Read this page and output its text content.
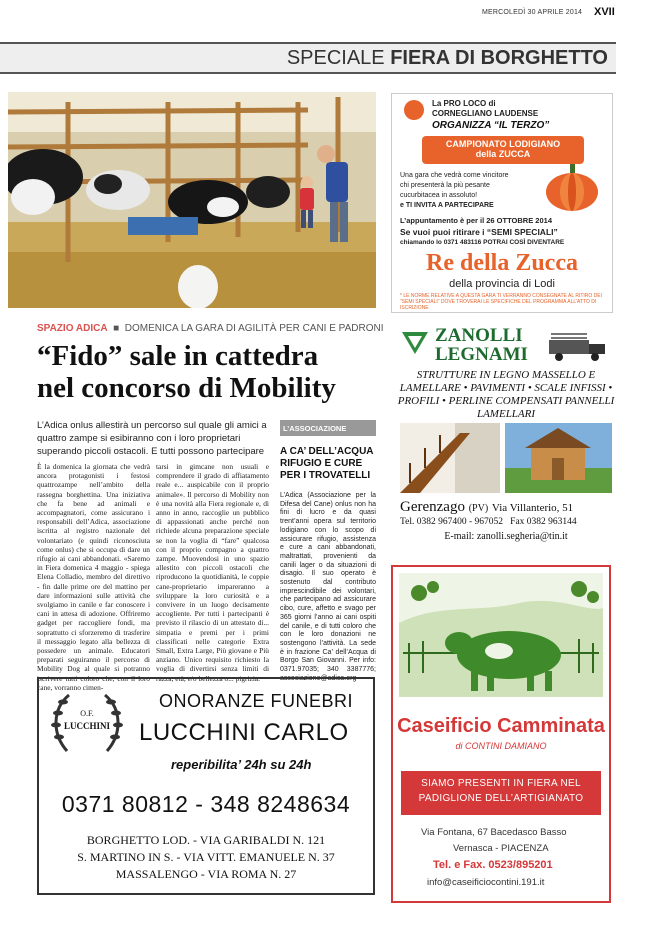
MERCOLEDÌ 30 APRILE 2014 XVII
SPECIALE FIERA DI BORGHETTO
SPAZIO ADICA  ■  DOMENICA LA GARA DI AGILITÀ PER CANI E PADRONI
“Fido” sale in cattedra
nel concorso di Mobility
L’Adica onlus allestirà un percorso sul quale gli amici a quattro zampe si esibiranno con i loro proprietari superando piccoli ostacoli. E tutti possono partecipare
È la domenica la giornata che vedrà ancora protagonisti i festosi quattrozampe nell’ambito della rassegna borghettina. Una iniziativa che fa bene ad animali e accompagnatori, come assicurano i responsabili dell’Adica, associazione iscritta al registro nazionale del volontariato (e quindi riconosciuta come onlus) che si occupa di dare un rifugio ai cani abbandonati. «Saremo in Fiera domenica 4 maggio - spiega Elena Colladio, membro del direttivo - fin dalle prime ore del mattino per dare informazioni sulle attività che svolgiamo in canile e far conoscere i cani in attesa di adozione. Offriremo gadget per raccogliere fondi, ma soprattutto ci sforzeremo di trasferire il messaggio legato alla bellezza di possedere un animale. Educatori preparati seguiranno il percorso di Mobility Dog al quale si potranno iscrivere tutti coloro che, con il loro cane, vorranno cimen-
tarsi in gimcane non usuali e comprendere il grado di affiatamento reale e... auspicabile con il proprio animale». Il percorso di Mobility non è una novità alla Fiera regionale e, di anno in anno, raccoglie un pubblico di appassionati anche perché non richiede alcuna preparazione speciale se non la voglia di “fare” qualcosa con il proprio compagno a quattro zampe. Muovendosi in uno spazio allestito con piccoli ostacoli che riproducono la quotidianità, le coppie cane-proprietario impareranno a sviluppare la loro curiosità e a convivere in un luogo decisamente accogliente. Per tutti i partecipanti è previsto il rilascio di un attestato di... simpatia e premi per i primi classificati nelle categorie Extra Small, Extra Large, Più giovane e Più anziano. Unico requisito richiesto la voglia di divertirsi senza limiti di razza, età, e/o bellezza o... pigrizia.
L’ASSOCIAZIONE
A CA’ DELL’ACQUA RIFUGIO E CURE PER I TROVATELLI
L’Adica (Associazione per la Difesa del Cane) onlus non ha fini di lucro e da quasi trent’anni opera sul territorio lodigiano con lo scopo di assicurare rifugio, assistenza e cure a cani abbandonati, maltrattati, provenienti da canili lager o da situazioni di disagio. Il suo operato è sostenuto dal contributo imprescindibile dei volontari, che partecipano ad assicurare cibo, cure, affetto e svago per 365 giorni l’anno ai cani ospiti del canile, e di tutti coloro che con le loro donazioni ne sostengono l’attività. La sede è in frazione Ca’ dell’Acqua di Borgo San Giovanni. Per info: 0371.97035; 340 3387776; associazione@adica.org
La PRO LOCO di
CORNEGLIANO LAUDENSE
ORGANIZZA “IL TERZO”
CAMPIONATO LODIGIANO
della ZUCCA
Una gara che vedrà come vincitore
chi presenterà la più pesante
cucurbitacea in assoluto!
e TI INVITA A PARTECIPARE
L’appuntamento è per il 26 OTTOBRE 2014
Se vuoi puoi ritirare i “SEMI SPECIALI”
chiamando lo 0371 483116 POTRAI COSÌ DIVENTARE
Re della Zucca
della provincia di Lodi
* LE NORME RELATIVE A QUESTA GARA TI VERRANNO CONSEGNATE AL RITIRO DEI “SEMI SPECIALI” DOVE TROVERAI LE SPECIFICHE DEL PROGRAMMA ALL’ATTO DI ISCRIZIONE
ZANOLLI
LEGNAMI
STRUTTURE IN LEGNO MASSELLO E LAMELLARE • PAVIMENTI • SCALE INFISSI • PROFILI • PERLINE COMPENSATI PANNELLI LAMELLARI
Gerenzago (PV) Via Villanterio, 51
Tel. 0382 967400 - 967052 Fax 0382 963144
E-mail: zanolli.segheria@tin.it
O.F.
LUCCHINI
ONORANZE FUNEBRI
LUCCHINI CARLO
reperibilita’ 24h su 24h
0371 80812 - 348 8248634
BORGHETTO LOD. - VIA GARIBALDI N. 121
S. MARTINO IN S. - VIA VITT. EMANUELE N. 37
MASSALENGO - VIA ROMA N. 27
Caseificio Camminata
di CONTINI DAMIANO
SIAMO PRESENTI IN FIERA NEL
PADIGLIONE DELL’ARTIGIANATO
Via Fontana, 67 Bacedasco Basso
Vernasca - PIACENZA
Tel. e Fax. 0523/895201
info@caseificiocontini.191.it
